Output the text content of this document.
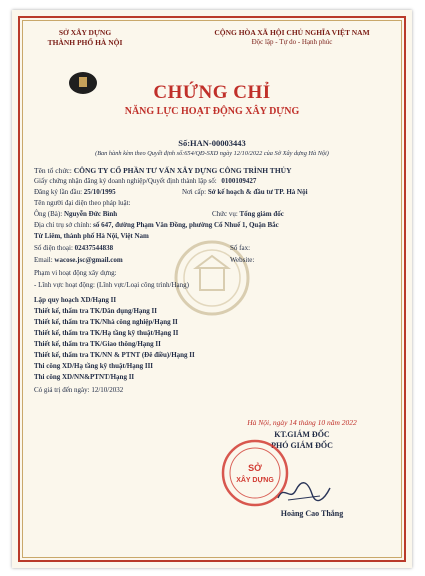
SỞ XÂY DỰNG
THÀNH PHỐ HÀ NỘI
CỘNG HÒA XÃ HỘI CHỦ NGHĨA VIỆT NAM
Độc lập - Tự do - Hạnh phúc
CHỨNG CHỈ
NĂNG LỰC HOẠT ĐỘNG XÂY DỰNG
Số:HAN-00003443
(Ban hành kèm theo Quyết định số:654/QĐ-SXD ngày 12/10/2022 của Sở Xây dựng Hà Nội)
Tên tổ chức: CÔNG TY CỔ PHẦN TƯ VẤN XÂY DỰNG CÔNG TRÌNH THỦY
Giấy chứng nhận đăng ký doanh nghiệp/Quyết định thành lập số: 0100109427
Đăng ký lần đầu: 25/10/1995	Nơi cấp: Sở kế hoạch & đầu tư TP. Hà Nội
Tên người đại diện theo pháp luật:
Ông (Bà): Nguyễn Đức Bình	Chức vụ: Tổng giám đốc
Địa chỉ trụ sở chính: số 647, đường Phạm Văn Đồng, phường Cổ Nhuế 1, Quận Bắc
Từ Liêm, thành phố Hà Nội, Việt Nam
Số điện thoại: 02437544838	Số fax:
Email: wacose.jsc@gmail.com	Website:
Phạm vi hoạt động xây dựng:
- Lĩnh vực hoạt động: (Lĩnh vực/Loại công trình/Hạng)
Lập quy hoạch XD/Hạng II
Thiết kế, thẩm tra TK/Dân dụng/Hạng II
Thiết kế, thẩm tra TK/Nhà công nghiệp/Hạng II
Thiết kế, thẩm tra TK/Hạ tầng kỹ thuật/Hạng II
Thiết kế, thẩm tra TK/Giao thông/Hạng II
Thiết kế, thẩm tra TK/NN & PTNT (Đê điều)/Hạng II
Thi công XD/Hạ tầng kỹ thuật/Hạng III
Thi công XD/NN&PTNT/Hạng II
Có giá trị đến ngày: 12/10/2032
Hà Nội, ngày 14 tháng 10 năm 2022
KT.GIÁM ĐỐC
PHÓ GIÁM ĐỐC
SỞ
XÂY DỰNG
Hoàng Cao Thắng
